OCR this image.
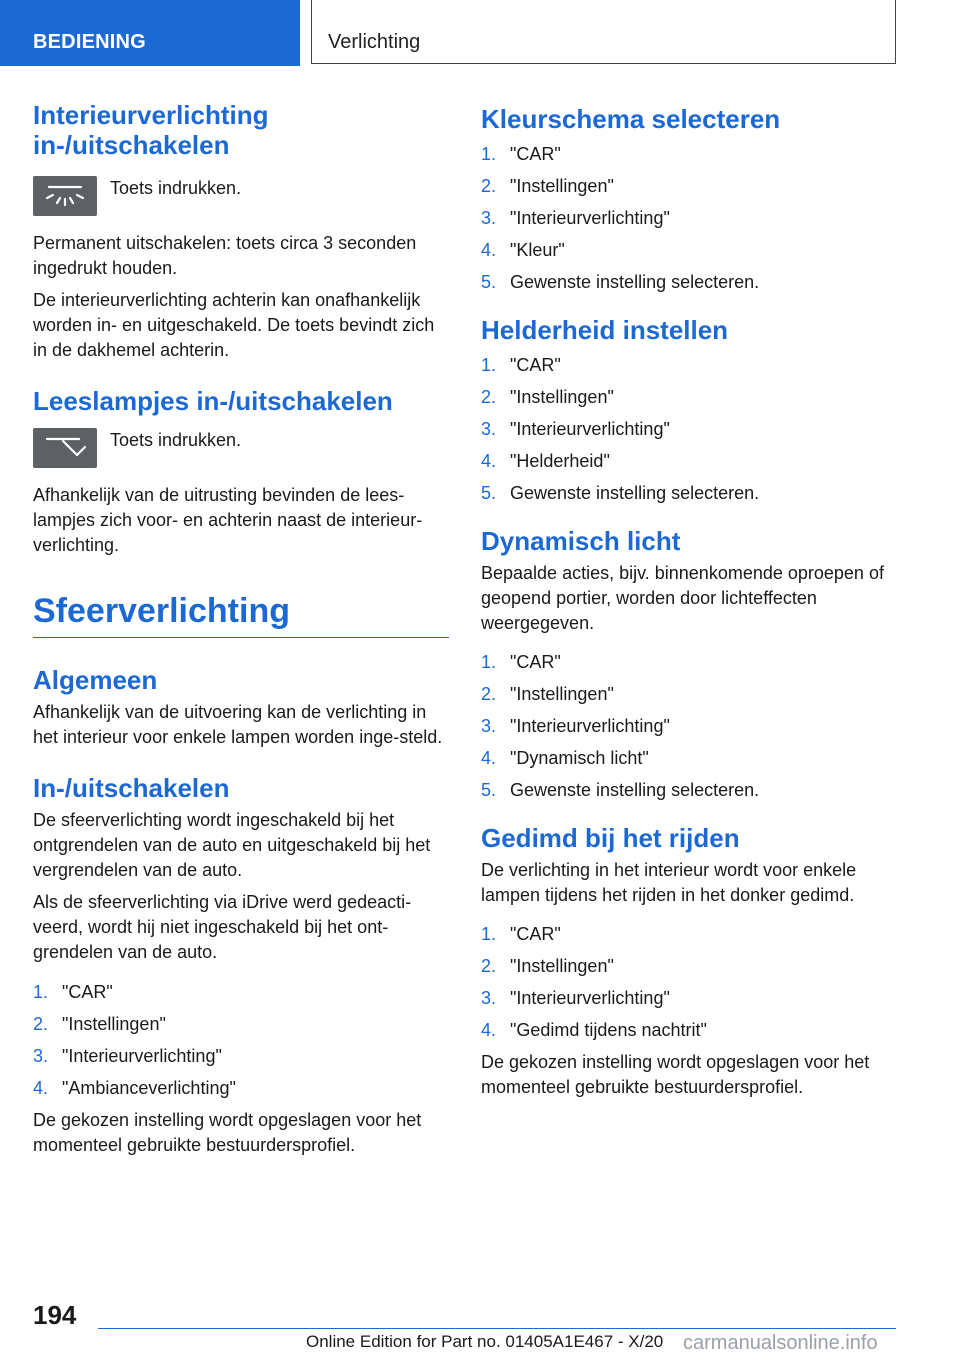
BEDIENING	Verlichting
Interieurverlichting in-/uitschakelen
Toets indrukken.

Permanent uitschakelen: toets circa 3 seconden ingedrukt houden.

De interieurverlichting achterin kan onafhankelijk worden in- en uitgeschakeld. De toets bevindt zich in de dakhemel achterin.

Leeslampjes in-/uitschakelen
Toets indrukken.

Afhankelijk van de uitrusting bevinden de lees-lampjes zich voor- en achterin naast de interieur-verlichting.

Sfeerverlichting
Algemeen

Afhankelijk van de uitvoering kan de verlichting in het interieur voor enkele lampen worden inge-steld.

In-/uitschakelen

De sfeerverlichting wordt ingeschakeld bij het ontgrendelen van de auto en uitgeschakeld bij het vergrendelen van de auto.

Als de sfeerverlichting via iDrive werd gedeacti-veerd, wordt hij niet ingeschakeld bij het ont-grendelen van de auto.

1. "CAR"
2. "Instellingen"
3. "Interieurverlichting"
4. "Ambianceverlichting"

De gekozen instelling wordt opgeslagen voor het momenteel gebruikte bestuurdersprofiel.

Kleurschema selecteren
1. "CAR"
2. "Instellingen"
3. "Interieurverlichting"
4. "Kleur"
5. Gewenste instelling selecteren.
Helderheid instellen
1. "CAR"
2. "Instellingen"
3. "Interieurverlichting"
4. "Helderheid"
5. Gewenste instelling selecteren.
Dynamisch licht

Bepaalde acties, bijv. binnenkomende oproepen of geopend portier, worden door lichteffecten weergegeven.

1. "CAR"
2. "Instellingen"
3. "Interieurverlichting"
4. "Dynamisch licht"
5. Gewenste instelling selecteren.
Gedimd bij het rijden

De verlichting in het interieur wordt voor enkele lampen tijdens het rijden in het donker gedimd.

1. "CAR"
2. "Instellingen"
3. "Interieurverlichting"
4. "Gedimd tijdens nachtrit"

De gekozen instelling wordt opgeslagen voor het momenteel gebruikte bestuurdersprofiel.

194
Online Edition for Part no. 01405A1E467 - X/20 carmanualsonline.info
